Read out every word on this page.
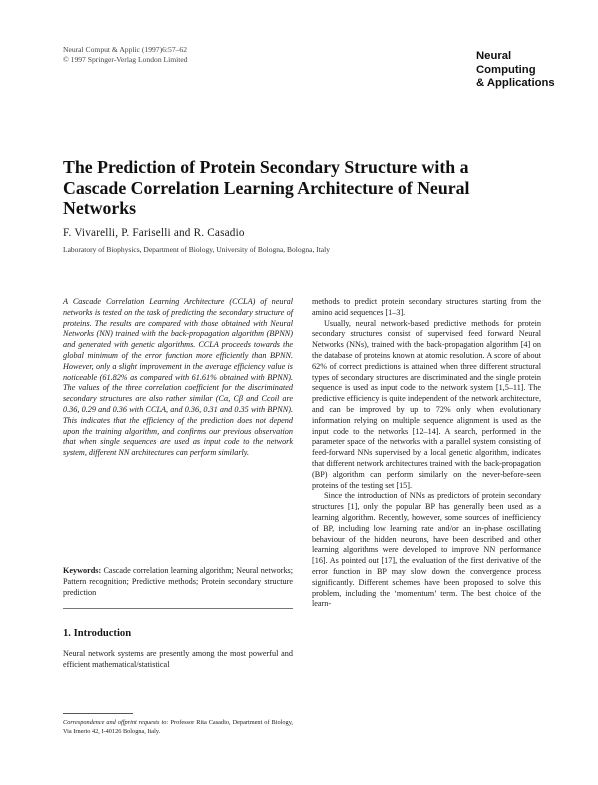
Neural Comput & Applic (1997)6:57–62
© 1997 Springer-Verlag London Limited	Neural
Computing
& Applications
The Prediction of Protein Secondary Structure with a Cascade Correlation Learning Architecture of Neural Networks
F. Vivarelli, P. Fariselli and R. Casadio
Laboratory of Biophysics, Department of Biology, University of Bologna, Bologna, Italy

A Cascade Correlation Learning Architecture (CCLA) of neural networks is tested on the task of predicting the secondary structure of proteins. The results are compared with those obtained with Neural Networks (NN) trained with the back-propagation algorithm (BPNN) and generated with genetic algorithms. CCLA proceeds towards the global minimum of the error function more efficiently than BPNN. However, only a slight improvement in the average efficiency value is noticeable (61.82% as compared with 61.61% obtained with BPNN). The values of the three correlation coefficient for the discriminated secondary structures are also rather similar (Cα, Cβ and Ccoil are 0.36, 0.29 and 0.36 with CCLA, and 0.36, 0.31 and 0.35 with BPNN). This indicates that the efficiency of the prediction does not depend upon the training algorithm, and confirms our previous observation that when single sequences are used as input code to the network system, different NN architectures can perform similarly.

Keywords: Cascade correlation learning algorithm; Neural networks; Pattern recognition; Predictive methods; Protein secondary structure prediction

1. Introduction

Neural network systems are presently among the most powerful and efficient mathematical/statistical

Correspondence and offprint requests to: Professor Rita Casadio, Department of Biology, Via Irnerio 42, I-40126 Bologna, Italy.

methods to predict protein secondary structures starting from the amino acid sequences [1–3].

Usually, neural network-based predictive methods for protein secondary structures consist of supervised feed forward Neural Networks (NNs), trained with the back-propagation algorithm [4] on the database of proteins known at atomic resolution. A score of about 62% of correct predictions is attained when three different structural types of secondary structures are discriminated and the single protein sequence is used as input code to the network system [1,5–11]. The predictive efficiency is quite independent of the network architecture, and can be improved by up to 72% only when evolutionary information relying on multiple sequence alignment is used as the input code to the networks [12–14]. A search, performed in the parameter space of the networks with a parallel system consisting of feed-forward NNs supervised by a local genetic algorithm, indicates that different network architectures trained with the back-propagation (BP) algorithm can perform similarly on the never-before-seen proteins of the testing set [15].

Since the introduction of NNs as predictors of protein secondary structures [1], only the popular BP has generally been used as a learning algorithm. Recently, however, some sources of inefficiency of BP, including low learning rate and/or an in-phase oscillating behaviour of the hidden neurons, have been described and other learning algorithms were developed to improve NN performance [16]. As pointed out [17], the evaluation of the first derivative of the error function in BP may slow down the convergence process significantly. Different schemes have been proposed to solve this problem, including the ‘momentum’ term. The best choice of the learn-
